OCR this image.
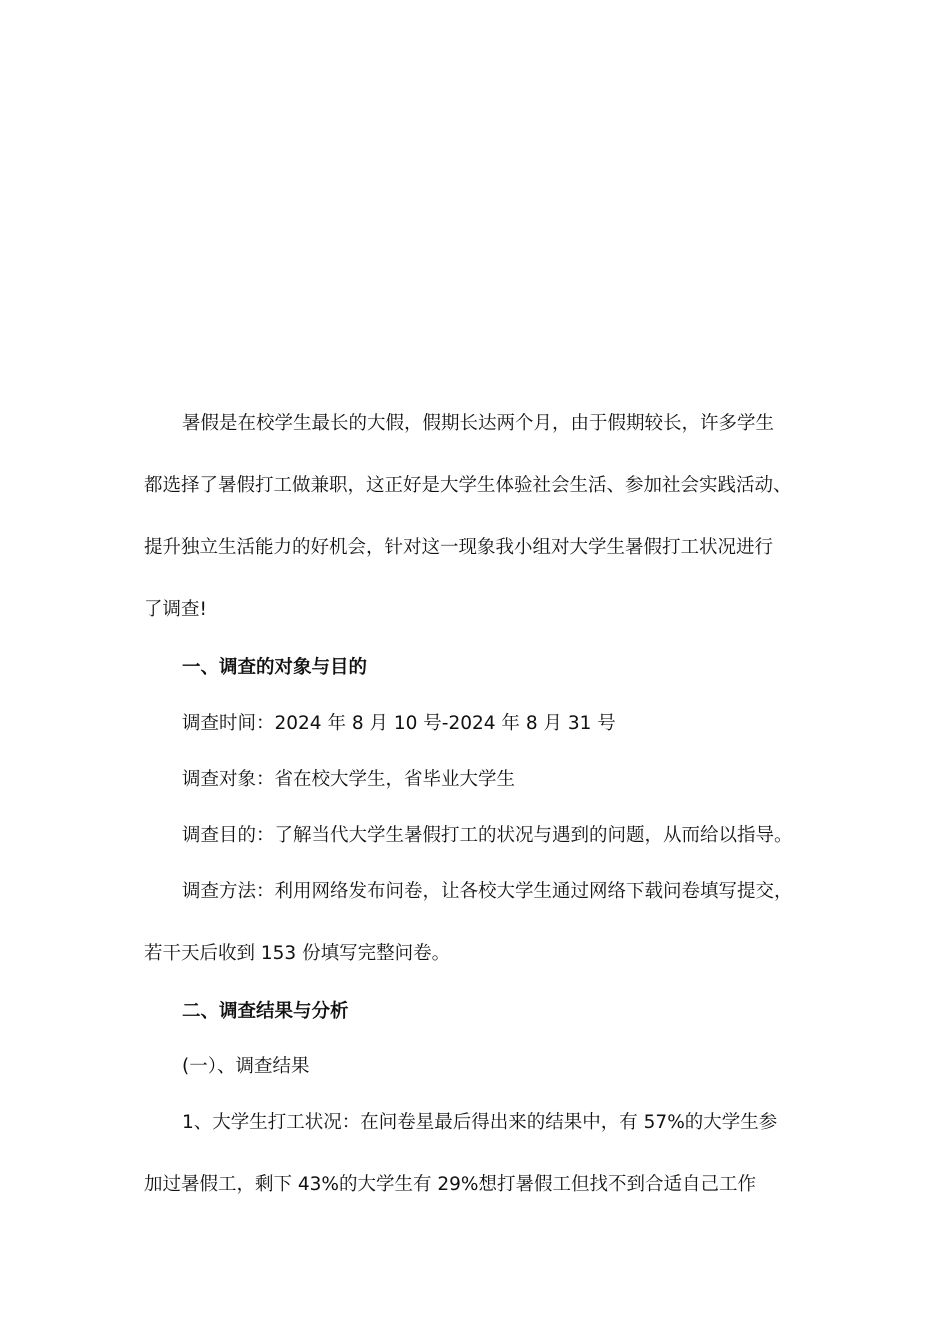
暑假是在校学生最长的大假，假期长达两个月，由于假期较长，许多学生
都选择了暑假打工做兼职，这正好是大学生体验社会生活、参加社会实践活动、
提升独立生活能力的好机会，针对这一现象我小组对大学生暑假打工状况进行
了调查!
一、调查的对象与目的
调查时间：2024 年 8 月 10 号-2024 年 8 月 31 号
调查对象：省在校大学生，省毕业大学生
调查目的：了解当代大学生暑假打工的状况与遇到的问题，从而给以指导。
调查方法：利用网络发布问卷，让各校大学生通过网络下载问卷填写提交，
若干天后收到 153 份填写完整问卷。
二、调查结果与分析
(一）、调查结果
1、大学生打工状况：在问卷星最后得出来的结果中，有 57%的大学生参
加过暑假工，剩下 43%的大学生有 29%想打暑假工但找不到合适自己工作
